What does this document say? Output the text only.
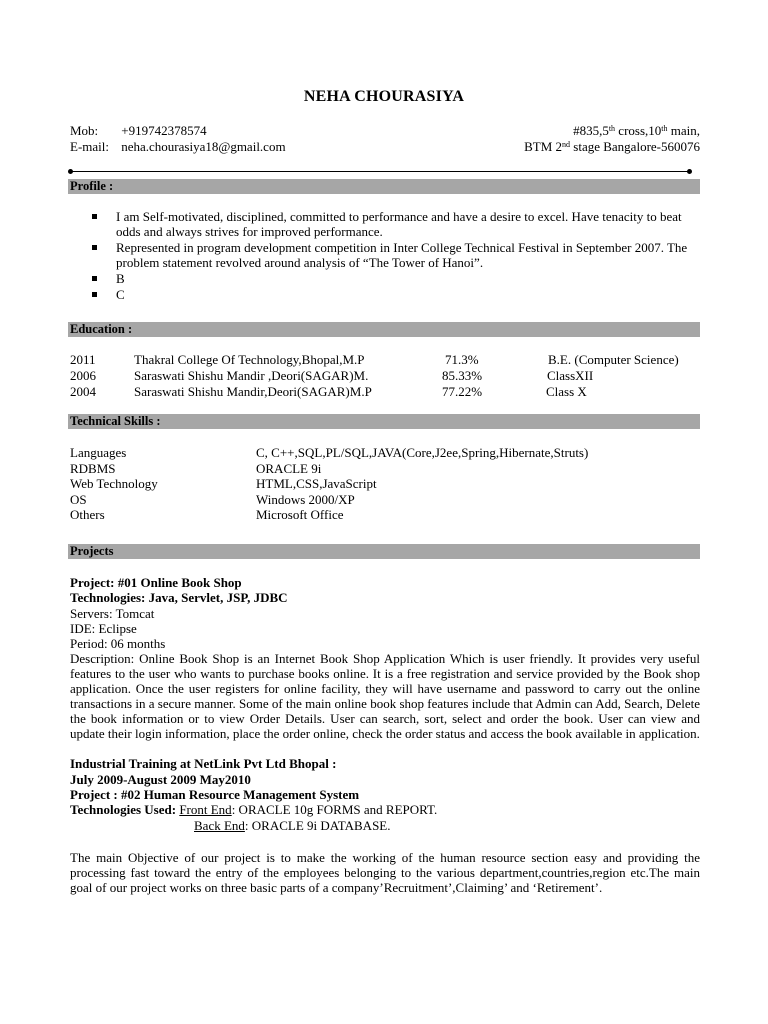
NEHA CHOURASIYA
Mob: +919742378574
E-mail: neha.chourasiya18@gmail.com
#835,5th cross,10th main,
BTM 2nd stage Bangalore-560076
Profile :
I am Self-motivated, disciplined, committed to performance and have a desire to excel. Have tenacity to beat odds and always strives for improved performance.
Represented in program development competition in Inter College Technical Festival in September 2007. The problem statement revolved around analysis of “The Tower of Hanoi”.
B
C
Education :
2011	Thakral College Of Technology,Bhopal,M.P	71.3%	B.E. (Computer Science)
2006	Saraswati Shishu Mandir ,Deori(SAGAR)M.	85.33%	ClassXII
2004	Saraswati Shishu Mandir,Deori(SAGAR)M.P	77.22%	Class X
Technical Skills :
Languages	C, C++,SQL,PL/SQL,JAVA(Core,J2ee,Spring,Hibernate,Struts)
RDBMS	ORACLE 9i
Web Technology	HTML,CSS,JavaScript
OS	Windows 2000/XP
Others	Microsoft Office
Projects
Project: #01 Online Book Shop
Technologies: Java, Servlet, JSP, JDBC
Servers: Tomcat
IDE: Eclipse
Period: 06 months

Description: Online Book Shop is an Internet Book Shop Application Which is user friendly. It provides very useful features to the user who wants to purchase books online. It is a free registration and service provided by the Book shop application. Once the user registers for online facility, they will have username and password to carry out the online transactions in a secure manner. Some of the main online book shop features include that Admin can Add, Search, Delete the book information or to view Order Details. User can search, sort, select and order the book. User can view and update their login information, place the order online, check the order status and access the book available in application.

Industrial Training at NetLink Pvt Ltd Bhopal :
July 2009-August 2009 May2010
Project : #02 Human Resource Management System
Technologies Used: Front End: ORACLE 10g FORMS and REPORT.
Back End: ORACLE 9i DATABASE.

The main Objective of our project is to make the working of the human resource section easy and providing the processing fast toward the entry of the employees belonging to the various department,countries,region etc.The main goal of our project works on three basic parts of a company’Recruitment’,Claiming’ and ‘Retirement’.
